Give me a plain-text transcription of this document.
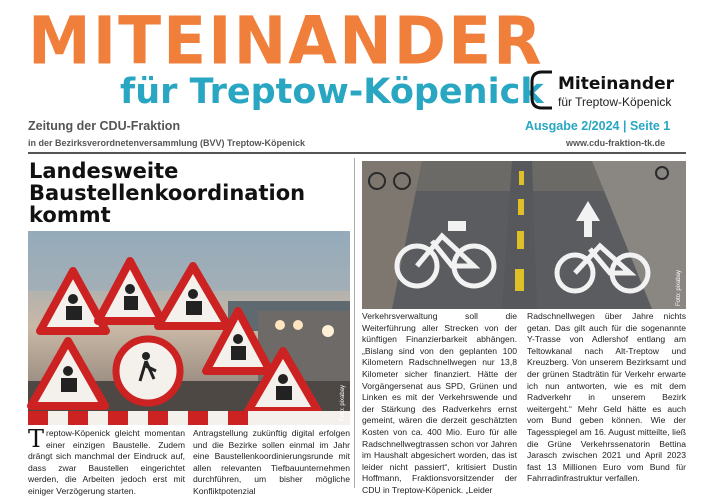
MITEINANDER
für Treptow-Köpenick Miteinander
für Treptow-Köpenick
Zeitung der CDU-Fraktion
in der Bezirksverordnetenversammlung (BVV) Treptow-Köpenick
Ausgabe 2/2024 | Seite 1
www.cdu-fraktion-tk.de
Landesweite Baustellenkoordination kommt
Foto: pixabay
Foto: pixabay
Treptow-Köpenick gleicht momentan einer einzigen Baustelle. Zudem drängt sich manchmal der Eindruck auf, dass zwar Baustellen eingerichtet werden, die Arbeiten jedoch erst mit einiger Verzögerung starten.
Antragstellung zukünftig digital erfolgen und die Bezirke sollen einmal im Jahr eine Baustellenkoordinierungsrunde mit allen relevanten Tiefbauunternehmen durchführen, um bisher mögliche Konfliktpotenzial
Verkehrsverwaltung soll die Weiterführung aller Strecken von der künftigen Finanzierbarkeit abhängen. „Bislang sind von den geplanten 100 Kilometern Radschnellwegen nur 13,8 Kilometer sicher finanziert. Hätte der Vorgängersenat aus SPD, Grünen und Linken es mit der Verkehrswende und der Stärkung des Radverkehrs ernst gemeint, wären die derzeit geschätzten Kosten von ca. 400 Mio. Euro für alle Radschnellwegtrassen schon vor Jahren im Haushalt abgesichert worden, das ist leider nicht passiert“, kritisiert Dustin Hoffmann, Fraktionsvorsitzender der CDU in Treptow-Köpenick. „Leider
Radschnellwegen über Jahre nichts getan. Das gilt auch für die sogenannte Y-Trasse von Adlershof entlang am Teltowkanal nach Alt-Treptow und Kreuzberg. Von unserem Bezirksamt und der grünen Stadträtin für Verkehr erwarte ich nun antworten, wie es mit dem Radverkehr in unserem Bezirk weitergeht.“ Mehr Geld hätte es auch vom Bund geben können. Wie der Tagesspiegel am 16. August mitteilte, ließ die Grüne Verkehrssenatorin Bettina Jarasch zwischen 2021 und April 2023 fast 13 Millionen Euro vom Bund für Fahrradinfrastruktur verfallen.
